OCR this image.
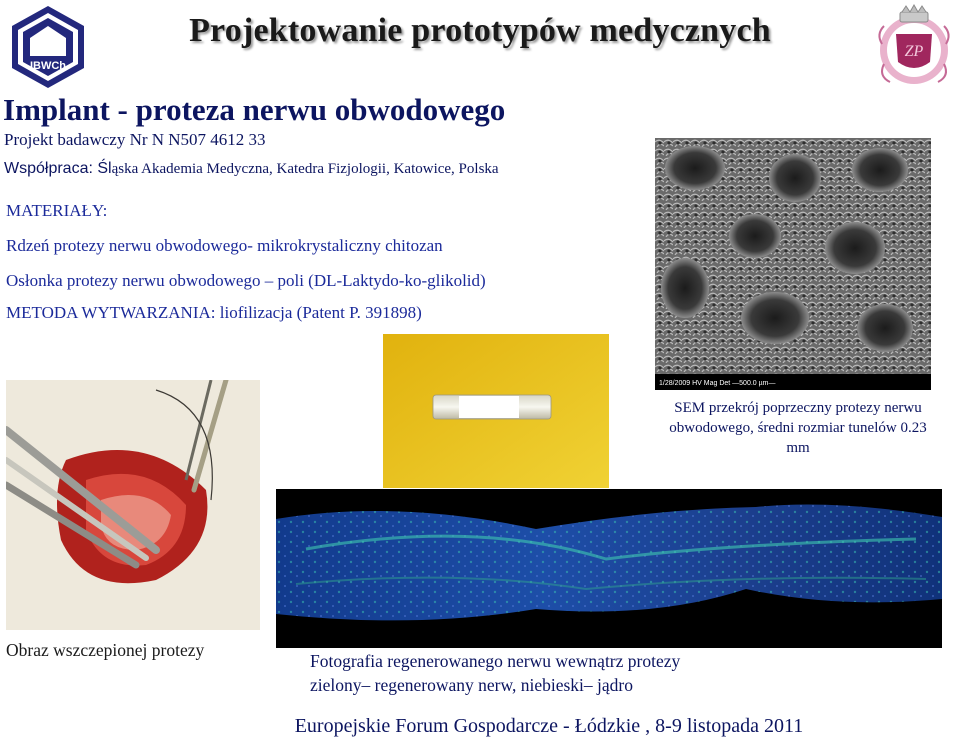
IBWCh
Projektowanie prototypów medycznych
ZP
Implant - proteza nerwu obwodowego
Projekt badawczy Nr N N507 4612 33
Współpraca: Śląska Akademia Medyczna, Katedra Fizjologii, Katowice, Polska
MATERIAŁY:
Rdzeń protezy nerwu obwodowego- mikrokrystaliczny chitozan
Osłonka protezy nerwu obwodowego – poli (DL-Laktydo-ko-glikolid)
METODA WYTWARZANIA: liofilizacja (Patent P. 391898)
1/28/2009 HV Mag Det —500.0 µm—
SEM przekrój poprzeczny protezy nerwu obwodowego, średni rozmiar tunelów 0.23 mm
Obraz wszczepionej protezy
Fotografia regenerowanego nerwu wewnątrz protezy
zielony– regenerowany nerw, niebieski– jądro
Europejskie Forum Gospodarcze - Łódzkie , 8-9 listopada 2011
